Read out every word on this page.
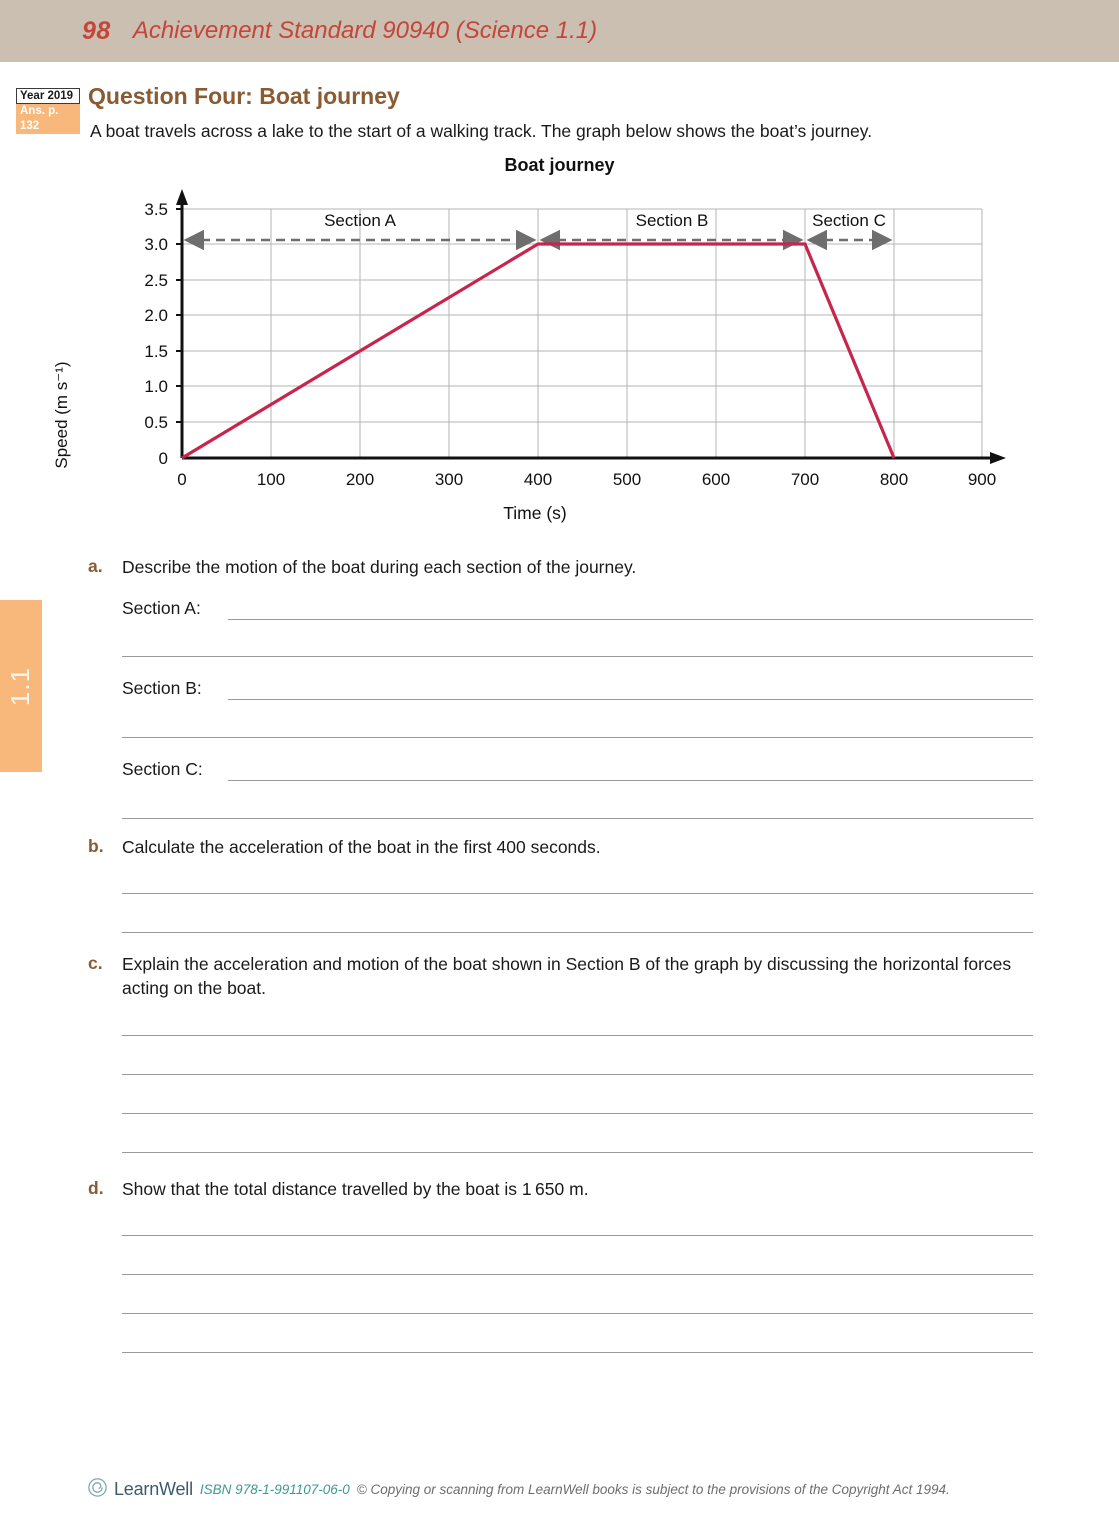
98 Achievement Standard 90940 (Science 1.1)
1.1
Year 2019
Ans. p. 132
Question Four: Boat journey
A boat travels across a lake to the start of a walking track. The graph below shows the boat’s journey.
Boat journey
3.5
3.0
2.5
2.0
1.5
1.0
0.5
0
0	100	200	300	400	500	600	700	800	900
Section A	Section B	Section C
Speed (m s⁻¹)
Time (s)
a. Describe the motion of the boat during each section of the journey.
Section A:
Section B:
Section C:
b. Calculate the acceleration of the boat in the first 400 seconds.
c. Explain the acceleration and motion of the boat shown in Section B of the graph by discussing the horizontal forces acting on the boat.
d. Show that the total distance travelled by the boat is 1 650 m.
LearnWell ISBN 978-1-991107-06-0 © Copying or scanning from LearnWell books is subject to the provisions of the Copyright Act 1994.
